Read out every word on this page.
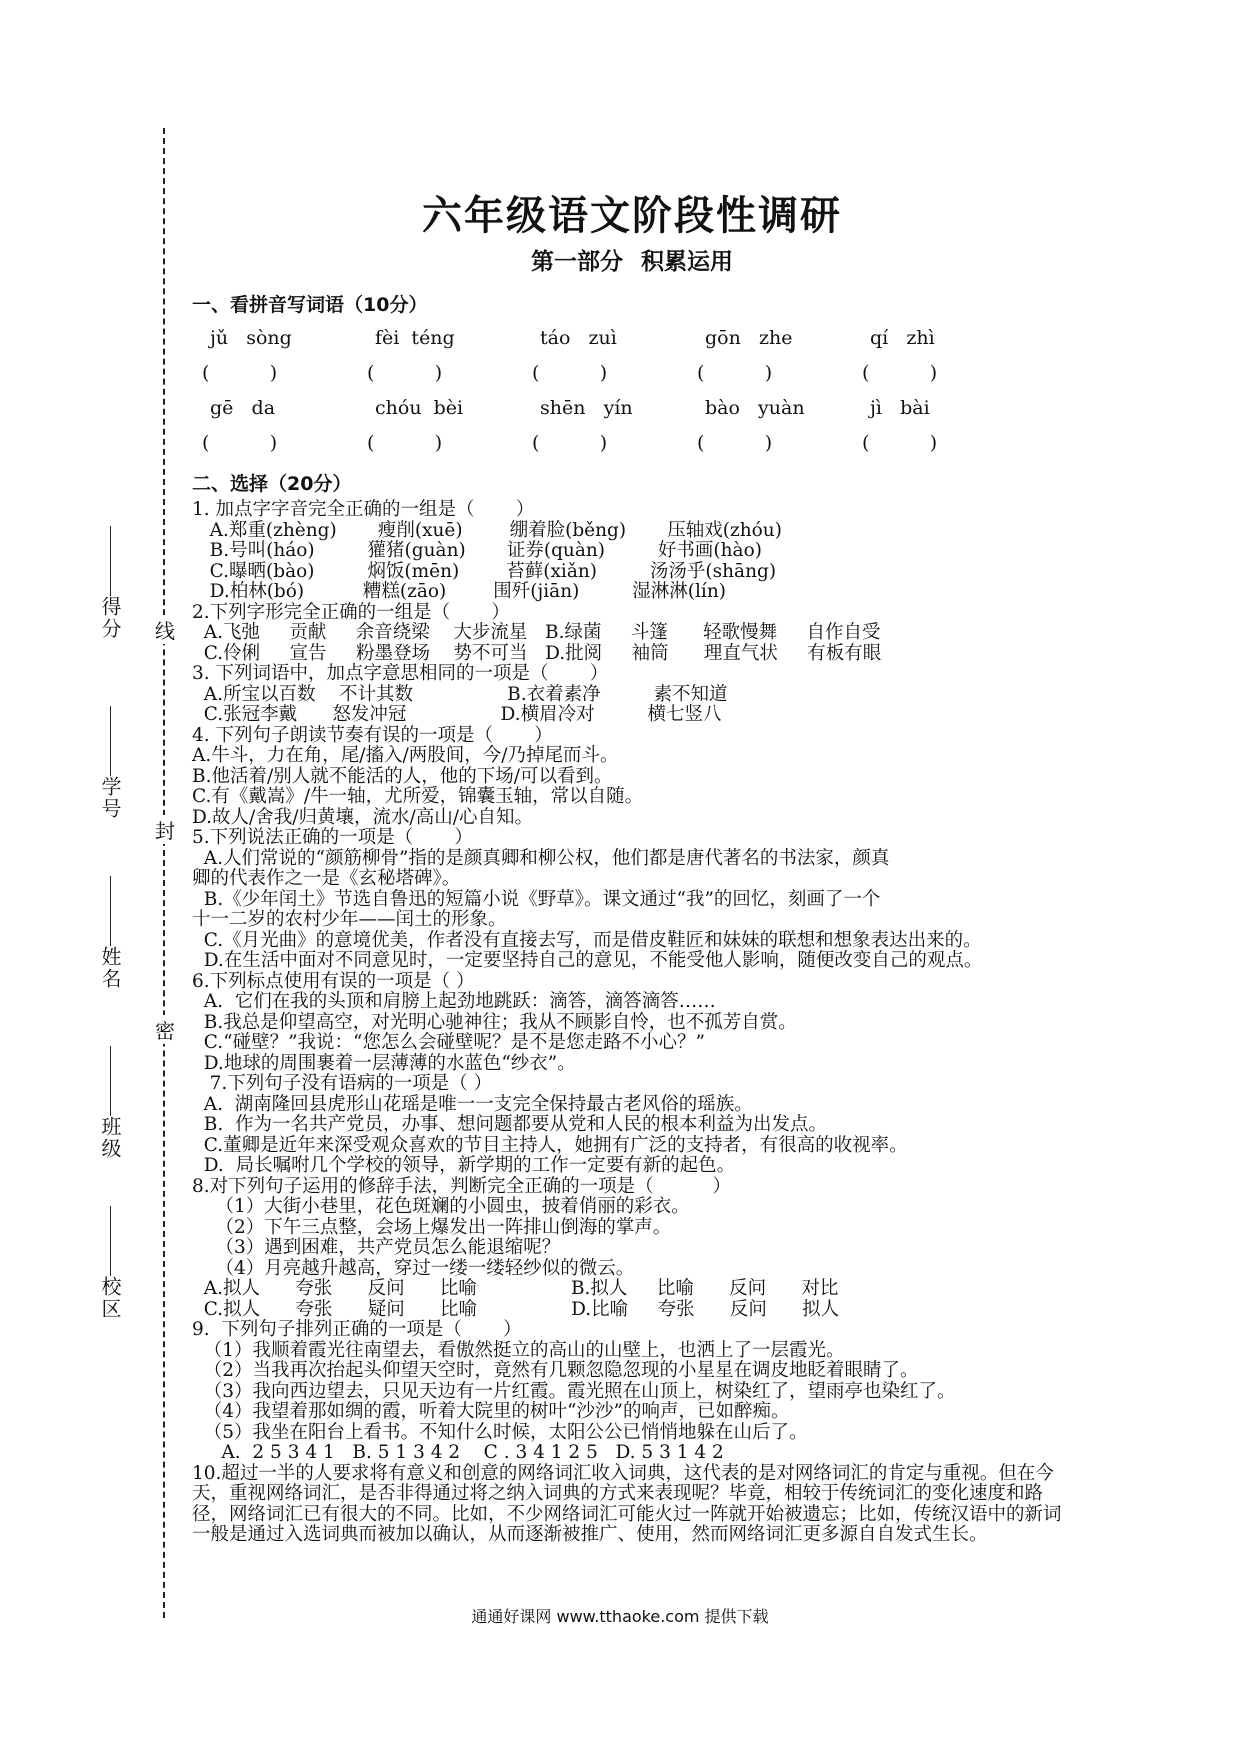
得分
学号
姓名
班级
校区
线
封
密
六年级语文阶段性调研
第一部分 积累运用
一、看拼音写词语（10分）
jǔ   sòng	fèi  téng	táo   zuì	gōn   zhe	qí   zhì
(          )	(          )	(          )	(          )	(          )
gē   da	chóu  bèi	shēn   yín	bào   yuàn	jì   bài
(          )	(          )	(          )	(          )	(          )
二、选择（20分）

1. 加点字字音完全正确的一组是（       ）

A.郑重(zhèng)       瘦削(xuē)        绷着脸(běng)       压轴戏(zhóu)

B.号叫(háo)         獾猪(guàn)       证券(quàn)         好书画(hào)

C.曝晒(bào)         焖饭(mēn)        苔藓(xiǎn)         汤汤乎(shāng)

D.柏林(bó)          糟糕(zāo)        围歼(jiān)         湿淋淋(lín)

2.下列字形完全正确的一组是（       ）

A.飞弛     贡献     余音绕梁    大步流星   B.绿菌     斗篷      轻歌慢舞     自作自受

C.伶俐     宣告     粉墨登场    势不可当   D.批阅     袖筒      理直气状     有板有眼

3. 下列词语中，加点字意思相同的一项是（       ）

A.所宝以百数    不计其数                B.衣着素净         素不知道

C.张冠李戴      怒发冲冠                D.横眉冷对         横七竖八

4. 下列句子朗读节奏有误的一项是（       ）

A.牛斗，力在角，尾/搐入/两股间，今/乃掉尾而斗。

B.他活着/别人就不能活的人，他的下场/可以看到。

C.有《戴嵩》/牛一轴，尤所爱，锦囊玉轴，常以自随。

D.故人/舍我/归黄壤，流水/高山/心自知。

5.下列说法正确的一项是（       ）

A.人们常说的“颜筋柳骨”指的是颜真卿和柳公权，他们都是唐代著名的书法家，颜真

卿的代表作之一是《玄秘塔碑》。

B.《少年闰土》节选自鲁迅的短篇小说《野草》。课文通过“我”的回忆，刻画了一个

十一二岁的农村少年——闰土的形象。

C.《月光曲》的意境优美，作者没有直接去写，而是借皮鞋匠和妹妹的联想和想象表达出来的。

D.在生活中面对不同意见时，一定要坚持自己的意见，不能受他人影响，随便改变自己的观点。

6.下列标点使用有误的一项是（ ）

A.  它们在我的头顶和肩膀上起劲地跳跃：滴答，滴答滴答……

B.我总是仰望高空，对光明心驰神往；我从不顾影自怜，也不孤芳自赏。

C.“碰壁？”我说：“您怎么会碰壁呢？是不是您走路不小心？”

D.地球的周围裹着一层薄薄的水蓝色“纱衣”。

7.下列句子没有语病的一项是（ ）

A.  湖南隆回县虎形山花瑶是唯一一支完全保持最古老风俗的瑶族。

B.  作为一名共产党员，办事、想问题都要从党和人民的根本利益为出发点。

C.董卿是近年来深受观众喜欢的节目主持人，她拥有广泛的支持者，有很高的收视率。

D.  局长嘱咐几个学校的领导，新学期的工作一定要有新的起色。

8.对下列句子运用的修辞手法，判断完全正确的一项是（          ）

（1）大街小巷里，花色斑斓的小圆虫，披着俏丽的彩衣。

（2）下午三点整，会场上爆发出一阵排山倒海的掌声。

（3）遇到困难，共产党员怎么能退缩呢？

（4）月亮越升越高，穿过一缕一缕轻纱似的微云。

A.拟人      夸张      反问      比喻                B.拟人     比喻      反问      对比

C.拟人      夸张      疑问      比喻                D.比喻     夸张      反问      拟人

9.  下列句子排列正确的一项是（       ）

（1）我顺着霞光往南望去，看傲然挺立的高山的山壁上，也洒上了一层霞光。

（2）当我再次抬起头仰望天空时，竟然有几颗忽隐忽现的小星星在调皮地眨着眼睛了。

（3）我向西边望去，只见天边有一片红霞。霞光照在山顶上，树染红了，望雨亭也染红了。

（4）我望着那如绸的霞，听着大院里的树叶“沙沙”的响声，已如醉痴。

（5）我坐在阳台上看书。不知什么时候，太阳公公已悄悄地躲在山后了。

A.  2 5 3 4 1   B. 5 1 3 4 2    C . 3 4 1 2 5   D. 5 3 1 4 2

10.超过一半的人要求将有意义和创意的网络词汇收入词典，这代表的是对网络词汇的肯定与重视。但在今天，重视网络词汇，是否非得通过将之纳入词典的方式来表现呢？毕竟，相较于传统词汇的变化速度和路径，网络词汇已有很大的不同。比如，不少网络词汇可能火过一阵就开始被遗忘；比如，传统汉语中的新词一般是通过入选词典而被加以确认，从而逐渐被推广、使用，然而网络词汇更多源自自发式生长。

通通好课网 www.tthaoke.com 提供下载
